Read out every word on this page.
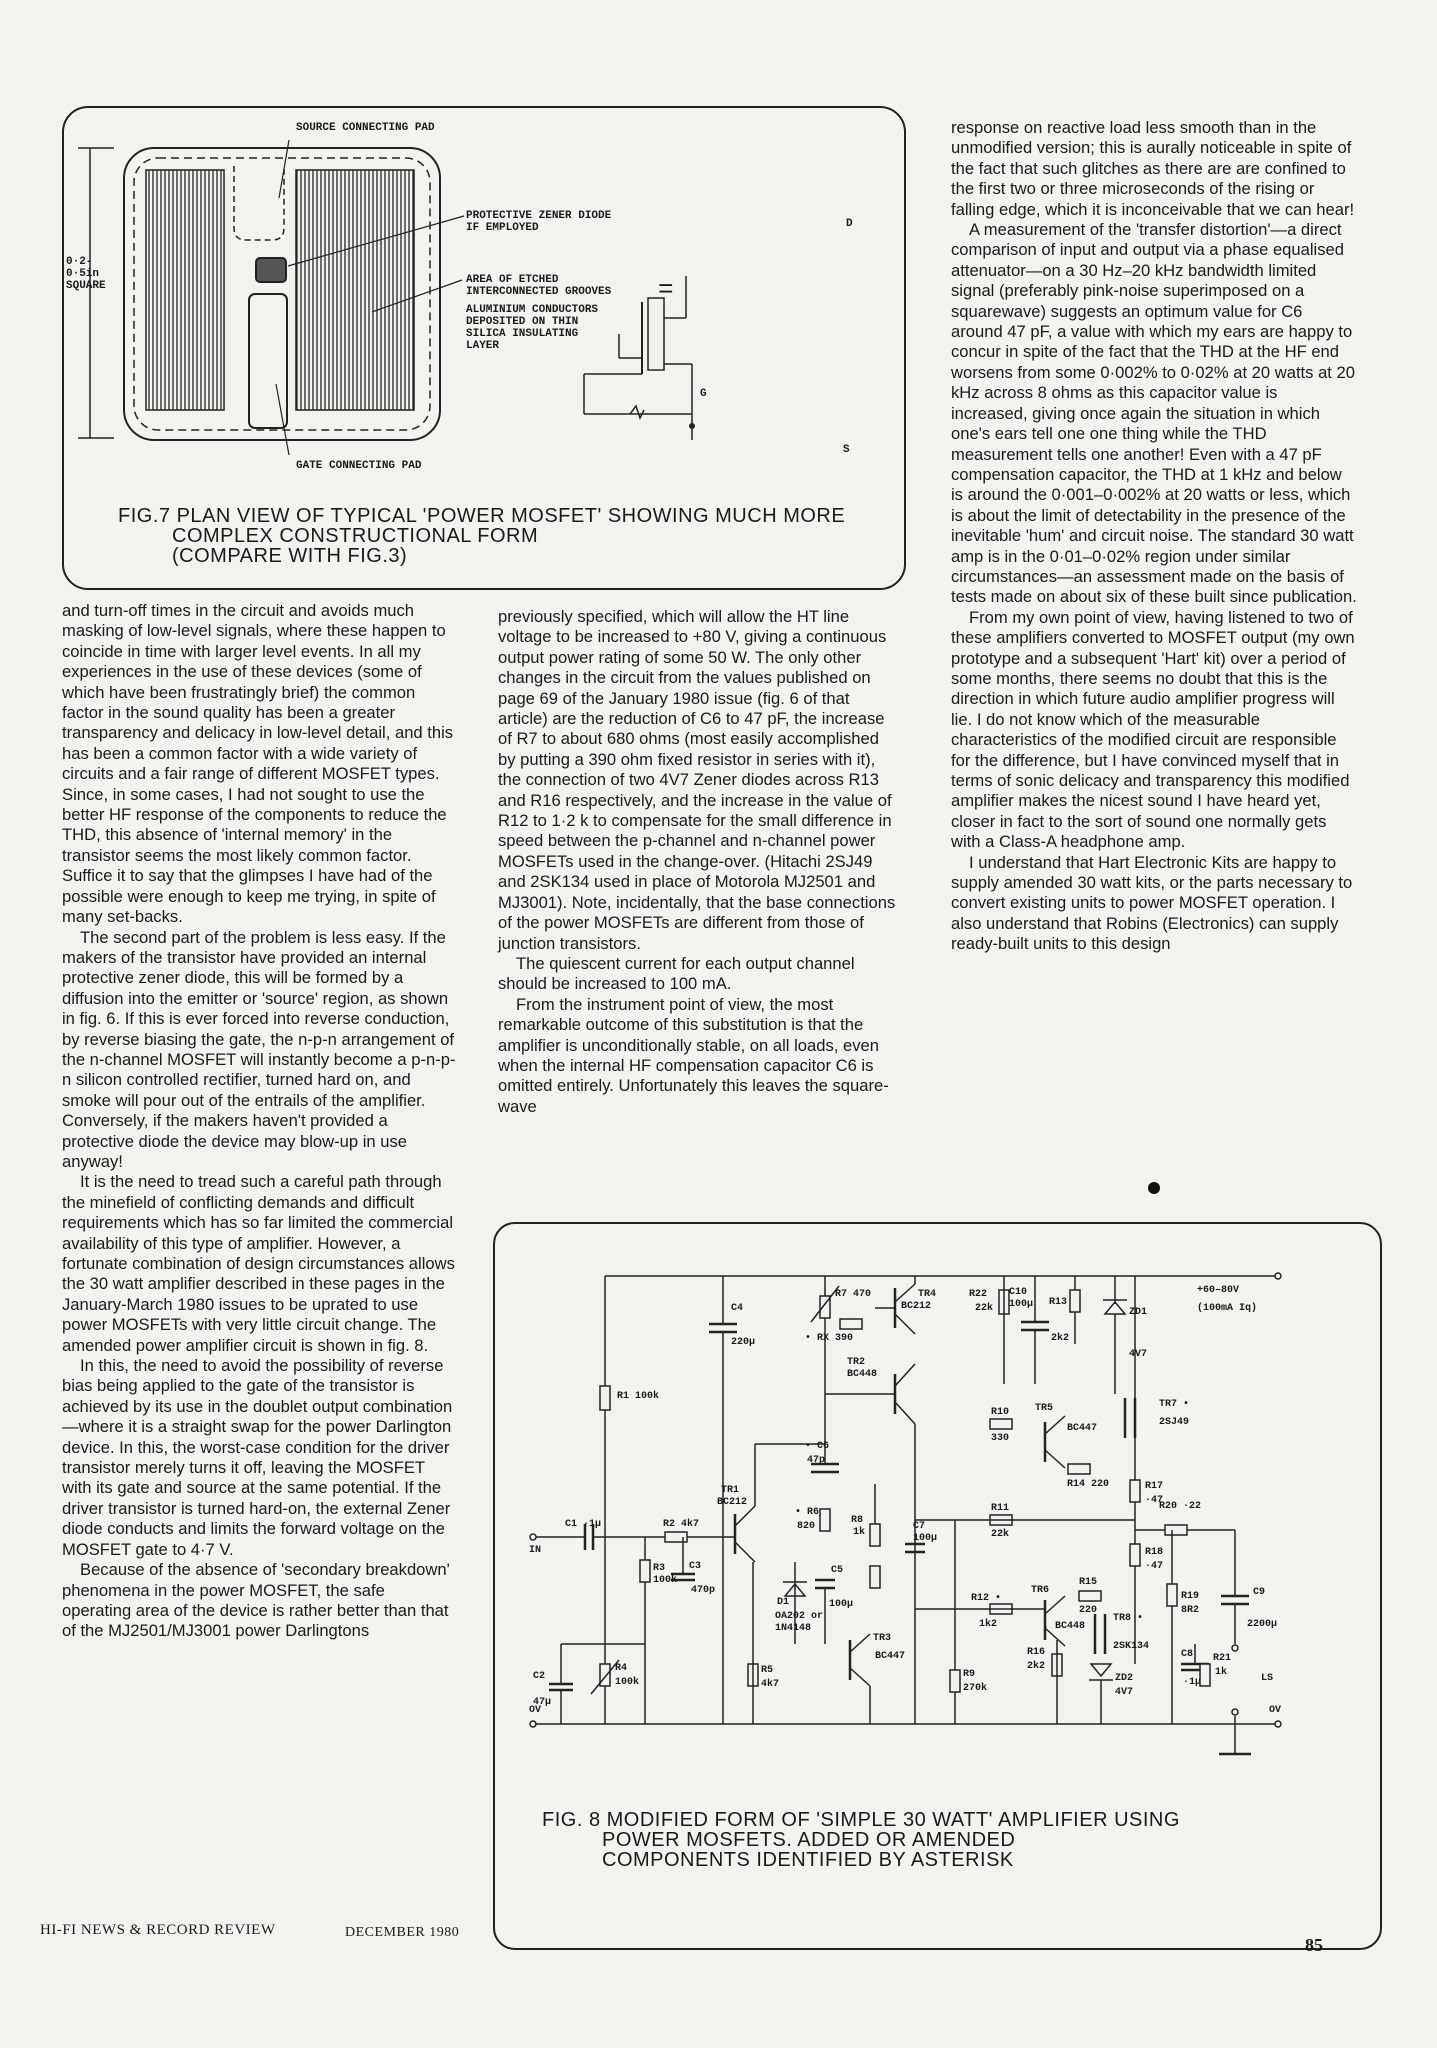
SOURCE CONNECTING PAD
0·2-0·5in SQUARE
PROTECTIVE ZENER DIODE IF EMPLOYED
AREA OF ETCHED INTERCONNECTED GROOVES
ALUMINIUM CONDUCTORS DEPOSITED ON THIN SILICA INSULATING LAYER
GATE CONNECTING PAD
=
D
G
S
FIG.7 PLAN VIEW OF TYPICAL 'POWER MOSFET' SHOWING MUCH MORE
COMPLEX CONSTRUCTIONAL FORM
(COMPARE WITH FIG.3)

and turn-off times in the circuit and avoids much masking of low-level signals, where these happen to coincide in time with larger level events. In all my experiences in the use of these devices (some of which have been frustratingly brief) the common factor in the sound quality has been a greater transparency and delicacy in low-level detail, and this has been a common factor with a wide variety of circuits and a fair range of different MOSFET types. Since, in some cases, I had not sought to use the better HF response of the components to reduce the THD, this absence of 'internal memory' in the transistor seems the most likely common factor. Suffice it to say that the glimpses I have had of the possible were enough to keep me trying, in spite of many set-backs.

The second part of the problem is less easy. If the makers of the transistor have provided an internal protective zener diode, this will be formed by a diffusion into the emitter or 'source' region, as shown in fig. 6. If this is ever forced into reverse conduction, by reverse biasing the gate, the n-p-n arrangement of the n-channel MOSFET will instantly become a p-n-p-n silicon controlled rectifier, turned hard on, and smoke will pour out of the entrails of the amplifier. Conversely, if the makers haven't provided a protective diode the device may blow-up in use anyway!

It is the need to tread such a careful path through the minefield of conflicting demands and difficult requirements which has so far limited the commercial availability of this type of amplifier. However, a fortunate combination of design circumstances allows the 30 watt amplifier described in these pages in the January-March 1980 issues to be uprated to use power MOSFETs with very little circuit change. The amended power amplifier circuit is shown in fig. 8.

In this, the need to avoid the possibility of reverse bias being applied to the gate of the transistor is achieved by its use in the doublet output combination—where it is a straight swap for the power Darlington device. In this, the worst-case condition for the driver transistor merely turns it off, leaving the MOSFET with its gate and source at the same potential. If the driver transistor is turned hard-on, the external Zener diode conducts and limits the forward voltage on the MOSFET gate to 4·7 V.

Because of the absence of 'secondary breakdown' phenomena in the power MOSFET, the safe operating area of the device is rather better than that of the MJ2501/MJ3001 power Darlingtons

previously specified, which will allow the HT line voltage to be increased to +80 V, giving a continuous output power rating of some 50 W. The only other changes in the circuit from the values published on page 69 of the January 1980 issue (fig. 6 of that article) are the reduction of C6 to 47 pF, the increase of R7 to about 680 ohms (most easily accomplished by putting a 390 ohm fixed resistor in series with it), the connection of two 4V7 Zener diodes across R13 and R16 respectively, and the increase in the value of R12 to 1·2 k to compensate for the small difference in speed between the p-channel and n-channel power MOSFETs used in the change-over. (Hitachi 2SJ49 and 2SK134 used in place of Motorola MJ2501 and MJ3001). Note, incidentally, that the base connections of the power MOSFETs are different from those of junction transistors.

The quiescent current for each output channel should be increased to 100 mA.

From the instrument point of view, the most remarkable outcome of this substitution is that the amplifier is unconditionally stable, on all loads, even when the internal HF compensation capacitor C6 is omitted entirely. Unfortunately this leaves the square-wave

response on reactive load less smooth than in the unmodified version; this is aurally noticeable in spite of the fact that such glitches as there are are confined to the first two or three microseconds of the rising or falling edge, which it is inconceivable that we can hear!

A measurement of the 'transfer distortion'—a direct comparison of input and output via a phase equalised attenuator—on a 30 Hz–20 kHz bandwidth limited signal (preferably pink-noise superimposed on a squarewave) suggests an optimum value for C6 around 47 pF, a value with which my ears are happy to concur in spite of the fact that the THD at the HF end worsens from some 0·002% to 0·02% at 20 watts at 20 kHz across 8 ohms as this capacitor value is increased, giving once again the situation in which one's ears tell one one thing while the THD measurement tells one another! Even with a 47 pF compensation capacitor, the THD at 1 kHz and below is around the 0·001–0·002% at 20 watts or less, which is about the limit of detectability in the presence of the inevitable 'hum' and circuit noise. The standard 30 watt amp is in the 0·01–0·02% region under similar circumstances—an assessment made on the basis of tests made on about six of these built since publication.

From my own point of view, having listened to two of these amplifiers converted to MOSFET output (my own prototype and a subsequent 'Hart' kit) over a period of some months, there seems no doubt that this is the direction in which future audio amplifier progress will lie. I do not know which of the measurable characteristics of the modified circuit are responsible for the difference, but I have convinced myself that in terms of sonic delicacy and transparency this modified amplifier makes the nicest sound I have heard yet, closer in fact to the sort of sound one normally gets with a Class-A headphone amp.

I understand that Hart Electronic Kits are happy to supply amended 30 watt kits, or the parts necessary to convert existing units to power MOSFET operation. I also understand that Robins (Electronics) can supply ready-built units to this design

C4
220µ
R7 470
• RX 390
TR4
BC212
R22
22k
C10
100µ R13
2k2
ZD1
4V7
+60–80V
(100mA Iq)
R1 100k
TR2
BC448
TR5
BC447
TR7 •
2SJ49
R10
330
R14 220
• C6
47p
TR1
BC212
R17
·47
R20 ·22
R11
22k
C1 ·1µ
IN
R2 4k7
• R6
820
R8
1k
C7
100µ
R18
·47
R15
220
R12 •
1k2
TR6
BC448
R19
8R2
TR8 •
2SK134
C9
2200µ
R3
100k
C3
470p
C5
100µ
D1
OA202 or
1N4148
TR3
BC447
C2
47µ
R4
100k
R5
4k7
R9
270k
R16
2k2
ZD2
4V7
C8
·1µ
R21
1k
LS
OV	OV
FIG. 8 MODIFIED FORM OF 'SIMPLE 30 WATT' AMPLIFIER USING
POWER MOSFETS. ADDED OR AMENDED
COMPONENTS IDENTIFIED BY ASTERISK
HI-FI NEWS & RECORD REVIEW	DECEMBER 1980
85
